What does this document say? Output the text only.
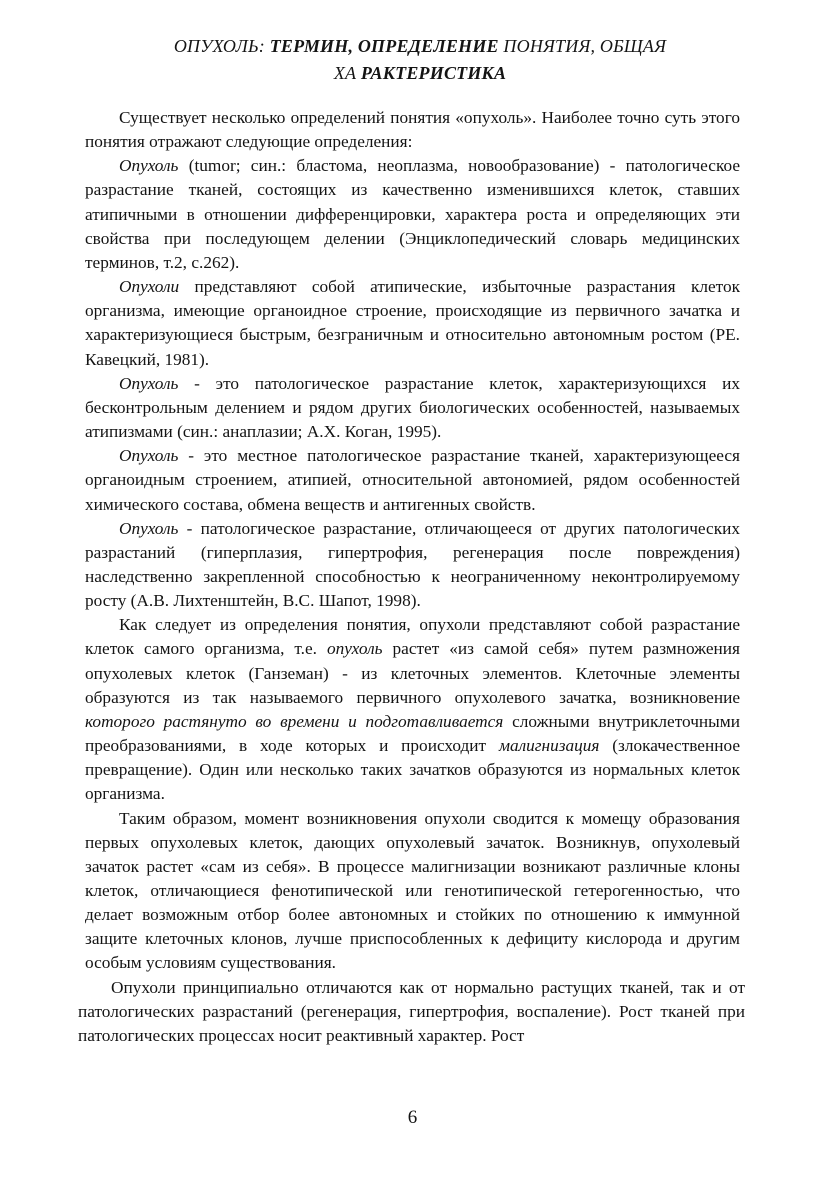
ОПУХОЛЬ: ТЕРМИН, ОПРЕДЕЛЕНИЕ ПОНЯТИЯ, ОБЩАЯ
ХА РАКТЕРИСТИКА

Существует несколько определений понятия «опухоль». Наиболее точно суть этого понятия отражают следующие определения:

Опухоль (tumor; син.: бластома, неоплазма, новообразование) - патологическое разрастание тканей, состоящих из качественно изменившихся клеток, ставших атипичными в отношении дифференцировки, характера роста и определяющих эти свойства при последующем делении (Энциклопедический словарь медицинских терминов, т.2, с.262).

Опухоли представляют собой атипические, избыточные разрастания клеток организма, имеющие органоидное строение, происходящие из первичного зачатка и характеризующиеся быстрым, безграничным и относительно автономным ростом (РЕ. Кавецкий, 1981).

Опухоль - это патологическое разрастание клеток, характеризующихся их бесконтрольным делением и рядом других биологических особенностей, называемых атипизмами (син.: анаплазии; А.Х. Коган, 1995).

Опухоль - это местное патологическое разрастание тканей, характеризующееся органоидным строением, атипией, относительной автономией, рядом особенностей химического состава, обмена веществ и антигенных свойств.

Опухоль - патологическое разрастание, отличающееся от других патологических разрастаний (гиперплазия, гипертрофия, регенерация после повреждения) наследственно закрепленной способностью к неограниченному неконтролируемому росту (А.В. Лихтенштейн, В.С. Шапот, 1998).

Как следует из определения понятия, опухоли представляют собой разрастание клеток самого организма, т.е. опухоль растет «из самой себя» путем размножения опухолевых клеток (Ганземан) - из клеточных элементов. Клеточные элементы образуются из так называемого первичного опухолевого зачатка, возникновение которого растянуто во времени и подготавливается сложными внутриклеточными преобразованиями, в ходе которых и происходит малигнизация (злокачественное превращение). Один или несколько таких зачатков образуются из нормальных клеток организма.

Таким образом, момент возникновения опухоли сводится к момещу образования первых опухолевых клеток, дающих опухолевый зачаток. Возникнув, опухолевый зачаток растет «сам из себя». В процессе малигнизации возникают различные клоны клеток, отличающиеся фенотипической или генотипической гетерогенностью, что делает возможным отбор более автономных и стойких по отношению к иммунной защите клеточных клонов, лучше приспособленных к дефициту кислорода и другим особым условиям существования.

Опухоли принципиально отличаются как от нормально растущих тканей, так и от патологических разрастаний (регенерация, гипертрофия, воспаление). Рост тканей при патологических процессах носит реактивный характер. Рост

6
